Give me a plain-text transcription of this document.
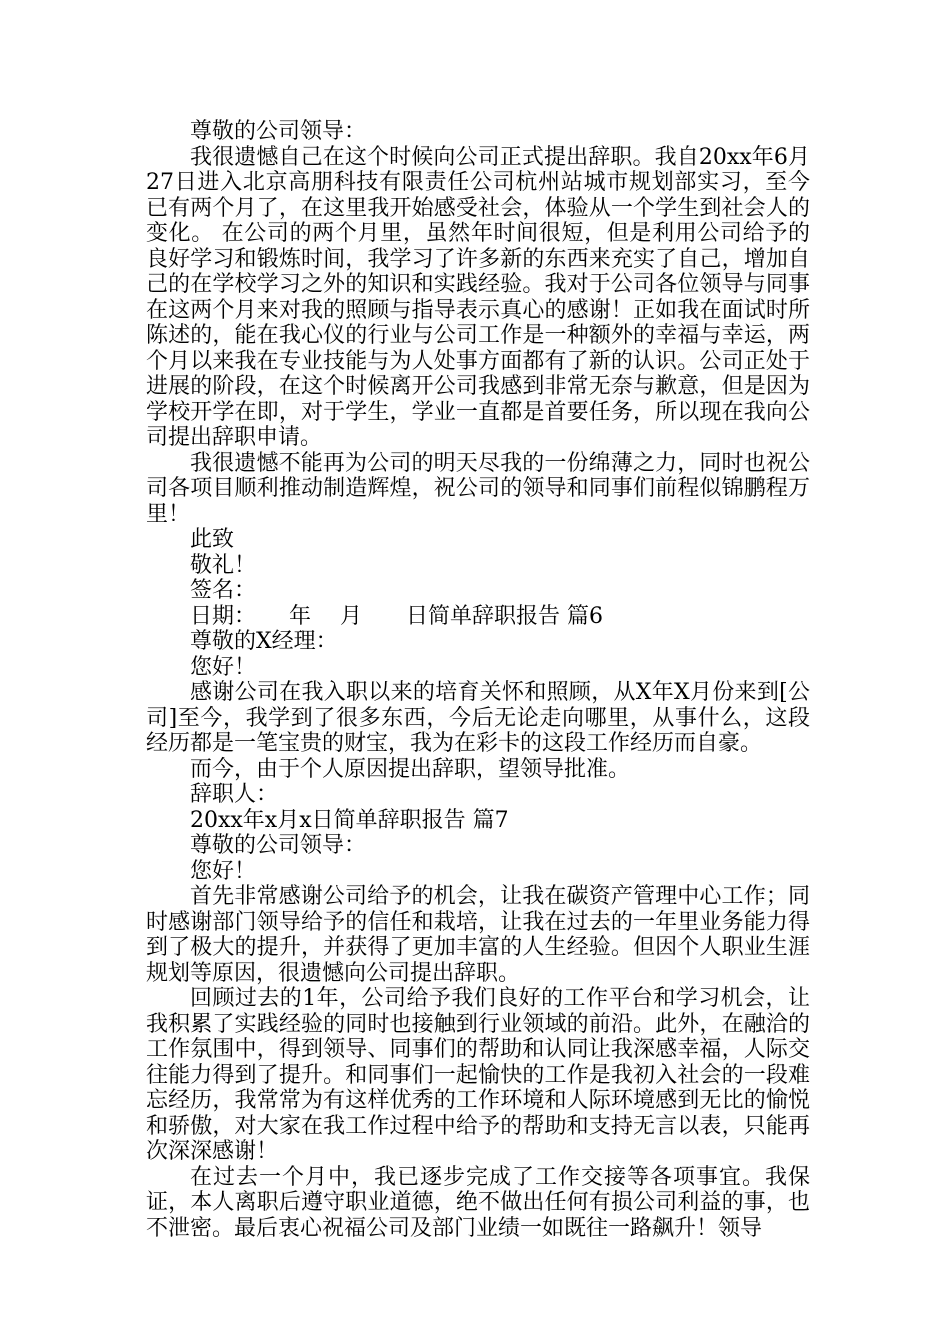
尊敬的公司领导：

我很遗憾自己在这个时候向公司正式提出辞职。我自20xx年6月27日进入北京高朋科技有限责任公司杭州站城市规划部实习，至今已有两个月了，在这里我开始感受社会，体验从一个学生到社会人的变化。 在公司的两个月里，虽然年时间很短，但是利用公司给予的良好学习和锻炼时间，我学习了许多新的东西来充实了自己，增加自己的在学校学习之外的知识和实践经验。我对于公司各位领导与同事在这两个月来对我的照顾与指导表示真心的感谢！正如我在面试时所陈述的，能在我心仪的行业与公司工作是一种额外的幸福与幸运，两个月以来我在专业技能与为人处事方面都有了新的认识。公司正处于进展的阶段，在这个时候离开公司我感到非常无奈与歉意，但是因为学校开学在即，对于学生，学业一直都是首要任务，所以现在我向公司提出辞职申请。

我很遗憾不能再为公司的明天尽我的一份绵薄之力，同时也祝公司各项目顺利推动制造辉煌，祝公司的领导和同事们前程似锦鹏程万里！

此致

敬礼！

签名：

日期：　　年　 月　　日简单辞职报告 篇6

尊敬的X经理：

您好！

感谢公司在我入职以来的培育关怀和照顾，从X年X月份来到[公司]至今，我学到了很多东西，今后无论走向哪里，从事什么，这段经历都是一笔宝贵的财宝，我为在彩卡的这段工作经历而自豪。

而今，由于个人原因提出辞职，望领导批准。

辞职人：

20xx年x月x日简单辞职报告 篇7

尊敬的公司领导：

您好！

首先非常感谢公司给予的机会，让我在碳资产管理中心工作；同时感谢部门领导给予的信任和栽培，让我在过去的一年里业务能力得到了极大的提升，并获得了更加丰富的人生经验。但因个人职业生涯规划等原因，很遗憾向公司提出辞职。

回顾过去的1年，公司给予我们良好的工作平台和学习机会，让我积累了实践经验的同时也接触到行业领域的前沿。此外，在融洽的工作氛围中，得到领导、同事们的帮助和认同让我深感幸福，人际交往能力得到了提升。和同事们一起愉快的工作是我初入社会的一段难忘经历，我常常为有这样优秀的工作环境和人际环境感到无比的愉悦和骄傲，对大家在我工作过程中给予的帮助和支持无言以表，只能再次深深感谢！

在过去一个月中，我已逐步完成了工作交接等各项事宜。我保证，本人离职后遵守职业道德，绝不做出任何有损公司利益的事，也不泄密。最后衷心祝福公司及部门业绩一如既往一路飙升！领导
